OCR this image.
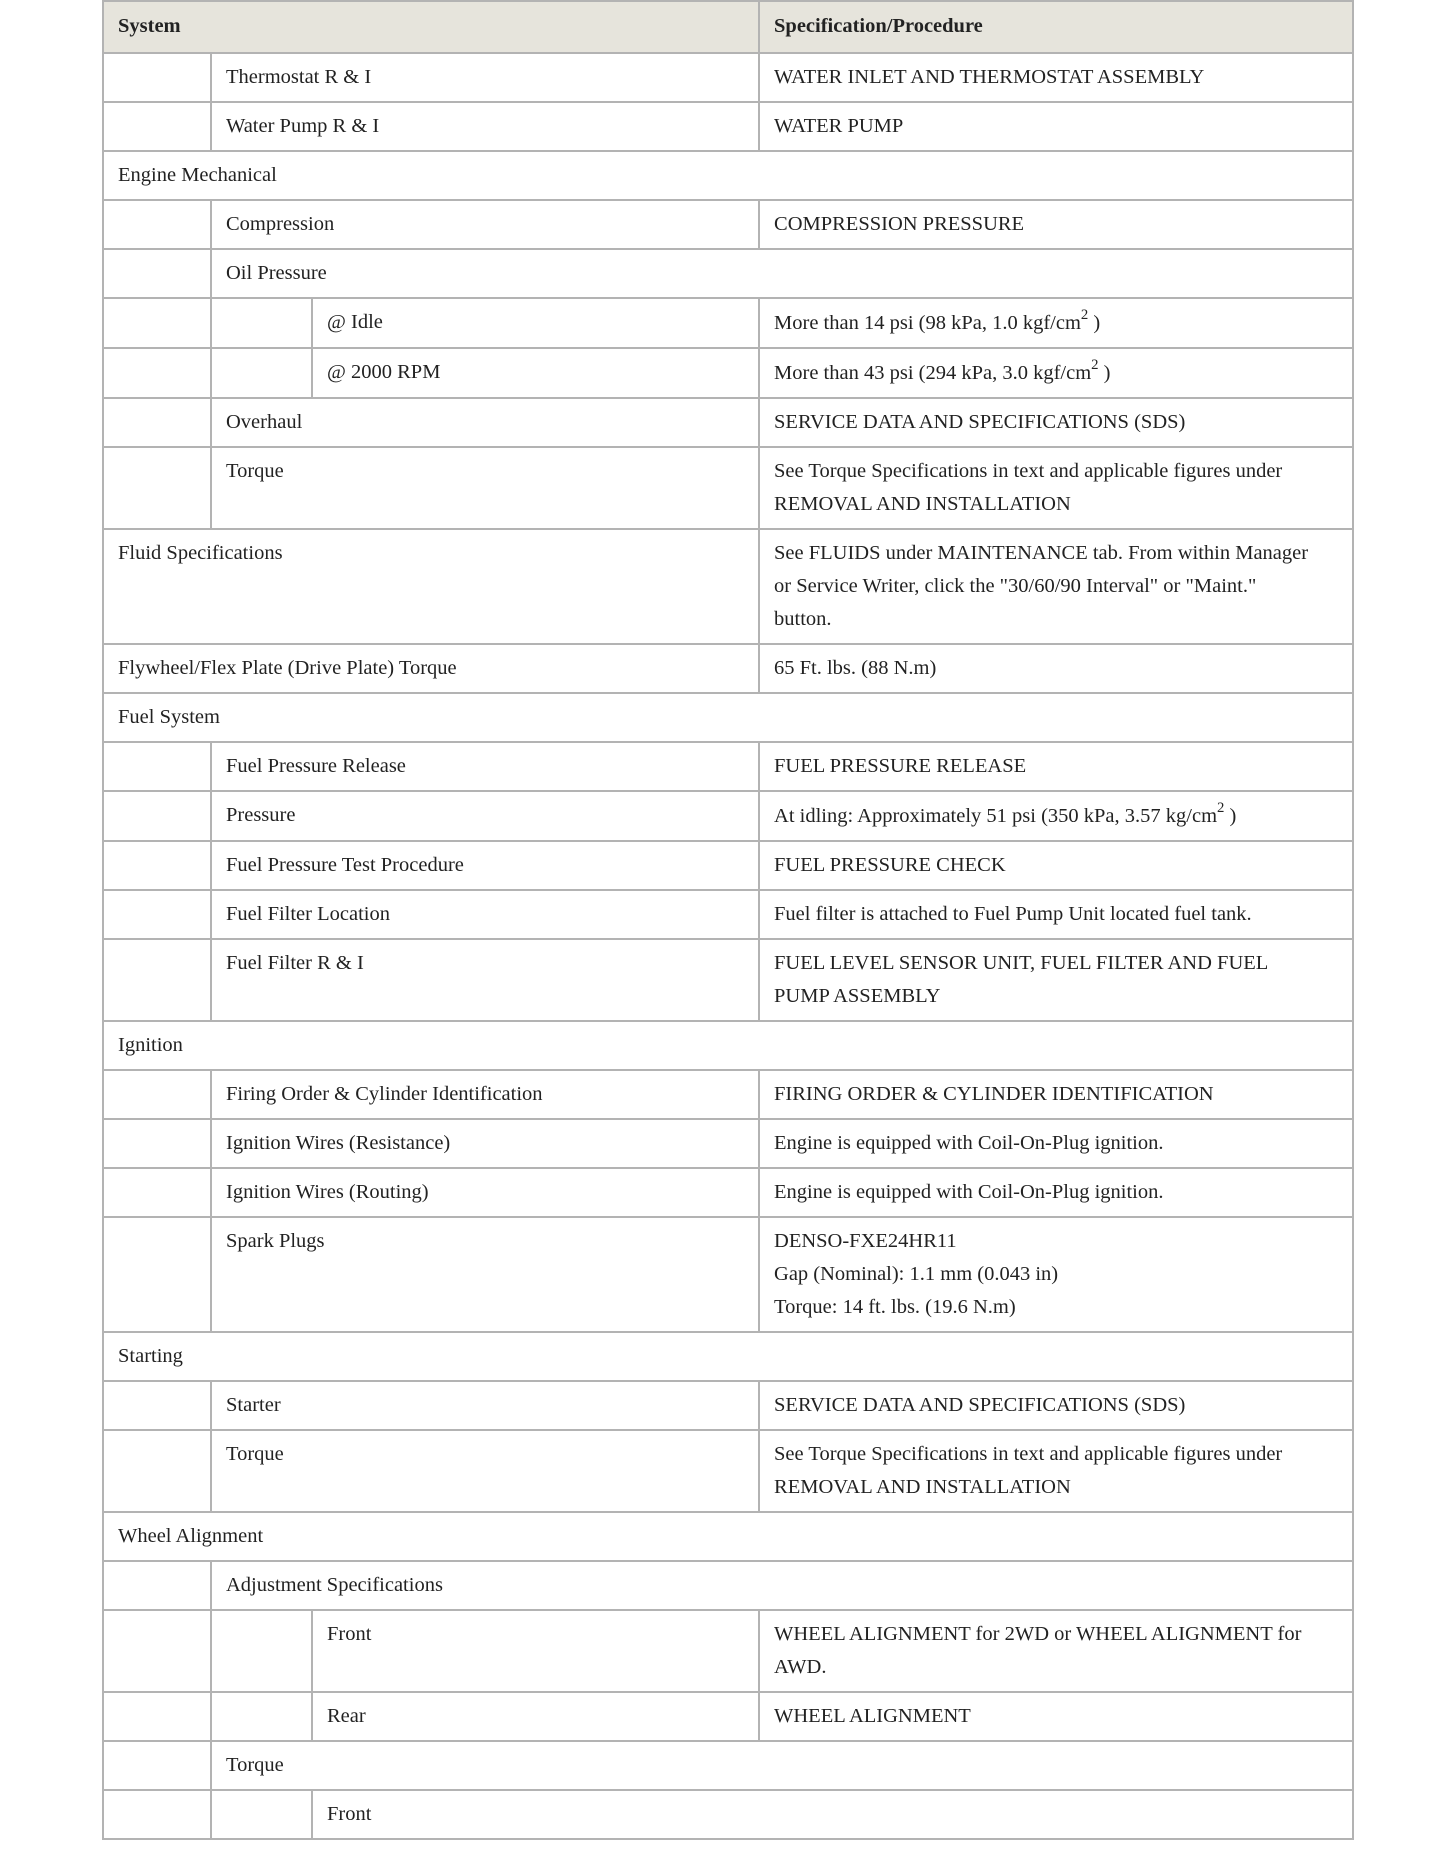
System			Specification/Procedure
	Thermostat R & I		WATER INLET AND THERMOSTAT ASSEMBLY
	Water Pump R & I		WATER PUMP
Engine Mechanical			
	Compression		COMPRESSION PRESSURE
	Oil Pressure		
		@ Idle	More than 14 psi (98 kPa, 1.0 kgf/$cm^2$ )
		@ 2000 RPM	More than 43 psi (294 kPa, 3.0 kgf/$cm^2$ )
	Overhaul		SERVICE DATA AND SPECIFICATIONS (SDS)
	Torque		See Torque Specifications in text and applicable figures under
REMOVAL AND INSTALLATION

Fluid Specifications			See FLUIDS under MAINTENANCE tab. From within Manager
or Service Writer, click the "30/60/90 Interval" or "Maint."
button.

Flywheel/Flex Plate (Drive Plate) Torque			65 Ft. lbs. (88 N.m)
Fuel System			
	Fuel Pressure Release		FUEL PRESSURE RELEASE
	Pressure		At idling: Approximately 51 psi (350 kPa, 3.57 $kg/cm^2$ )
	Fuel Pressure Test Procedure		FUEL PRESSURE CHECK
	Fuel Filter Location		Fuel filter is attached to Fuel Pump Unit located fuel tank.
	Fuel Filter R & I		FUEL LEVEL SENSOR UNIT, FUEL FILTER AND FUEL
PUMP ASSEMBLY

Ignition			
	Firing Order & Cylinder Identification		FIRING ORDER & CYLINDER IDENTIFICATION
	Ignition Wires (Resistance)		Engine is equipped with Coil-On-Plug ignition.
	Ignition Wires (Routing)		Engine is equipped with Coil-On-Plug ignition.
	Spark Plugs		DENSO-FXE24HR11
Gap (Nominal): 1.1 mm (0.043 in)
Torque: 14 ft. lbs. (19.6 N.m)

Starting			
	Starter		SERVICE DATA AND SPECIFICATIONS (SDS)
	Torque		See Torque Specifications in text and applicable figures under
REMOVAL AND INSTALLATION

Wheel Alignment			
	Adjustment Specifications		
		Front	WHEEL ALIGNMENT for 2WD or WHEEL ALIGNMENT for
AWD.

		Rear	WHEEL ALIGNMENT
	Torque		
		Front	
